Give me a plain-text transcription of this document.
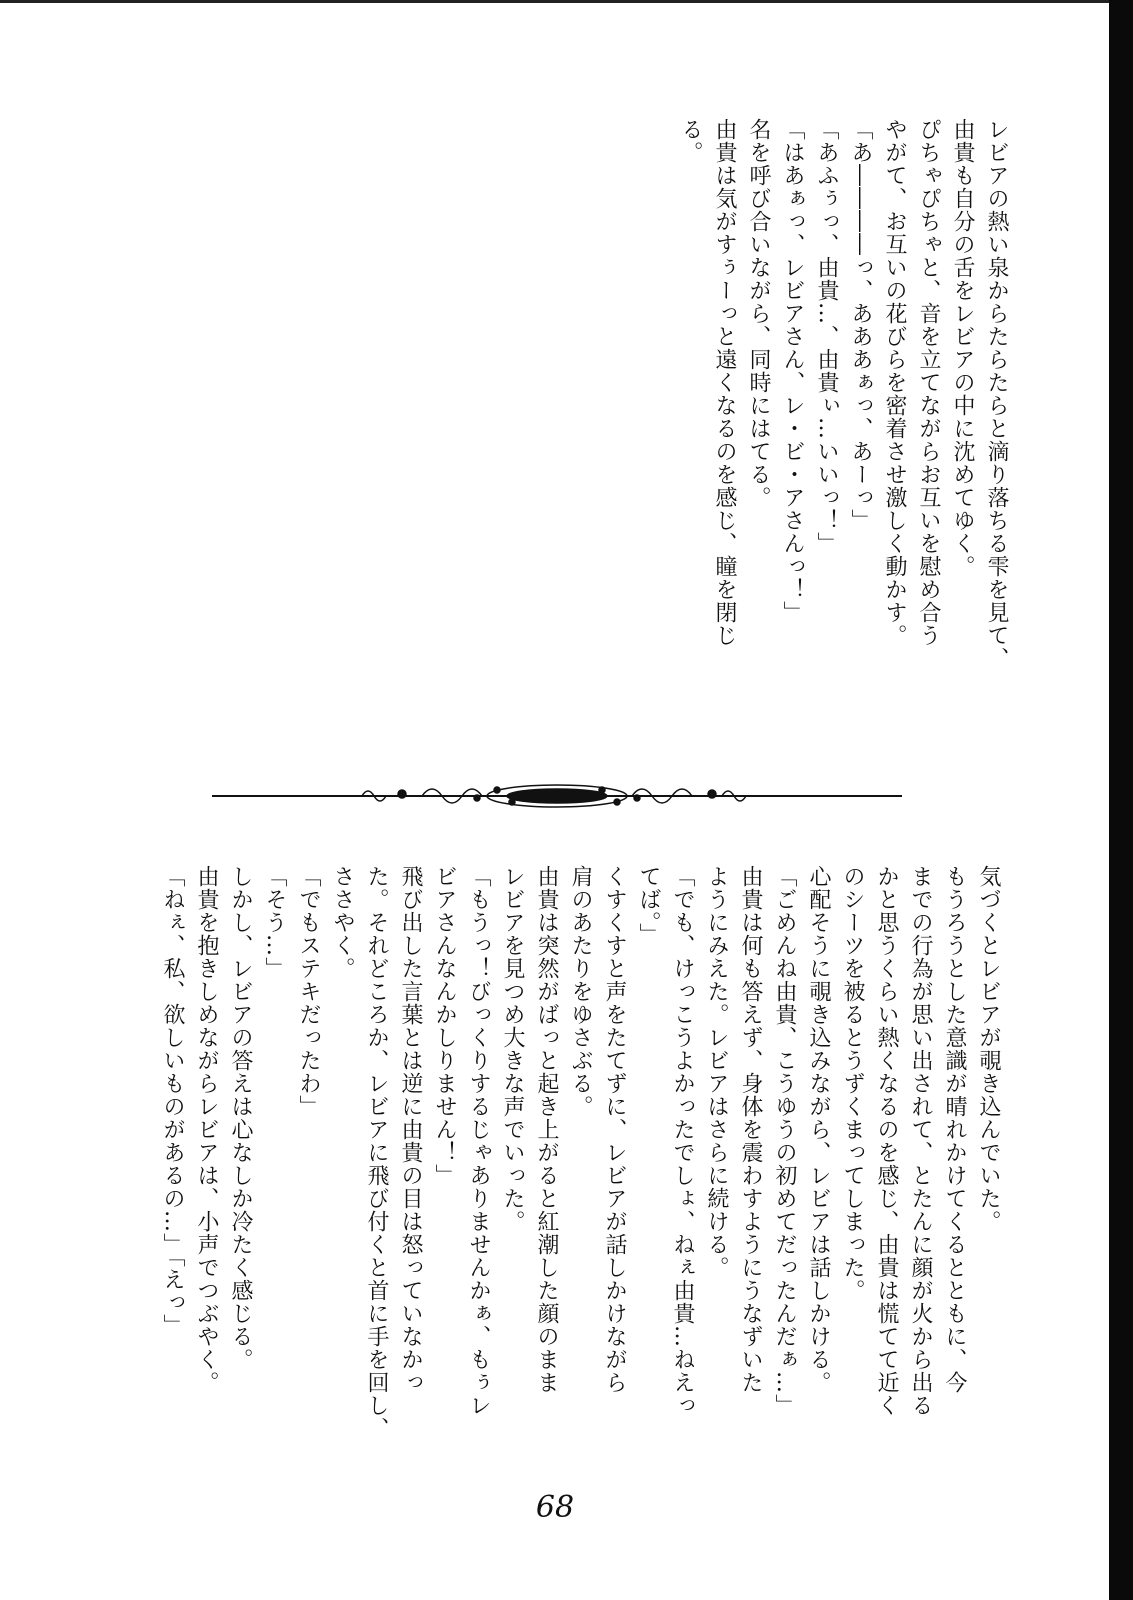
レビアの熱い泉からたらたらと滴り落ちる雫を見て、

由貴も自分の舌をレビアの中に沈めてゆく。

ぴちゃぴちゃと、音を立てながらお互いを慰め合う

やがて、お互いの花びらを密着させ激しく動かす。

「あ――――っ、あああぁっ、あーっ」

「あふぅっ、由貴…、由貴ぃ…いいっ！」

「はあぁっ、レビアさん、レ・ビ・アさんっ！」

名を呼び合いながら、同時にはてる。

由貴は気がすぅーっと遠くなるのを感じ、瞳を閉じ

る。

気づくとレビアが覗き込んでいた。

もうろうとした意識が晴れかけてくるとともに、今

までの行為が思い出されて、とたんに顔が火から出る

かと思うくらい熱くなるのを感じ、由貴は慌てて近く

のシーツを被るとうずくまってしまった。

心配そうに覗き込みながら、レビアは話しかける。

「ごめんね由貴、こうゆうの初めてだったんだぁ…」

由貴は何も答えず、身体を震わすようにうなずいた

ようにみえた。レビアはさらに続ける。

「でも、けっこうよかったでしょ、ねぇ由貴…ねえっ

てば。」

くすくすと声をたてずに、レビアが話しかけながら

肩のあたりをゆさぶる。

由貴は突然がばっと起き上がると紅潮した顔のまま

レビアを見つめ大きな声でいった。

「もうっ！びっくりするじゃありませんかぁ、もぅレ

ビアさんなんかしりません！」

飛び出した言葉とは逆に由貴の目は怒っていなかっ

た。それどころか、レビアに飛び付くと首に手を回し、

ささやく。

「でもステキだったわ」

「そう…」

しかし、レビアの答えは心なしか冷たく感じる。

由貴を抱きしめながらレビアは、小声でつぶやく。

「ねぇ、私、欲しいものがあるの…」「えっ」

68
